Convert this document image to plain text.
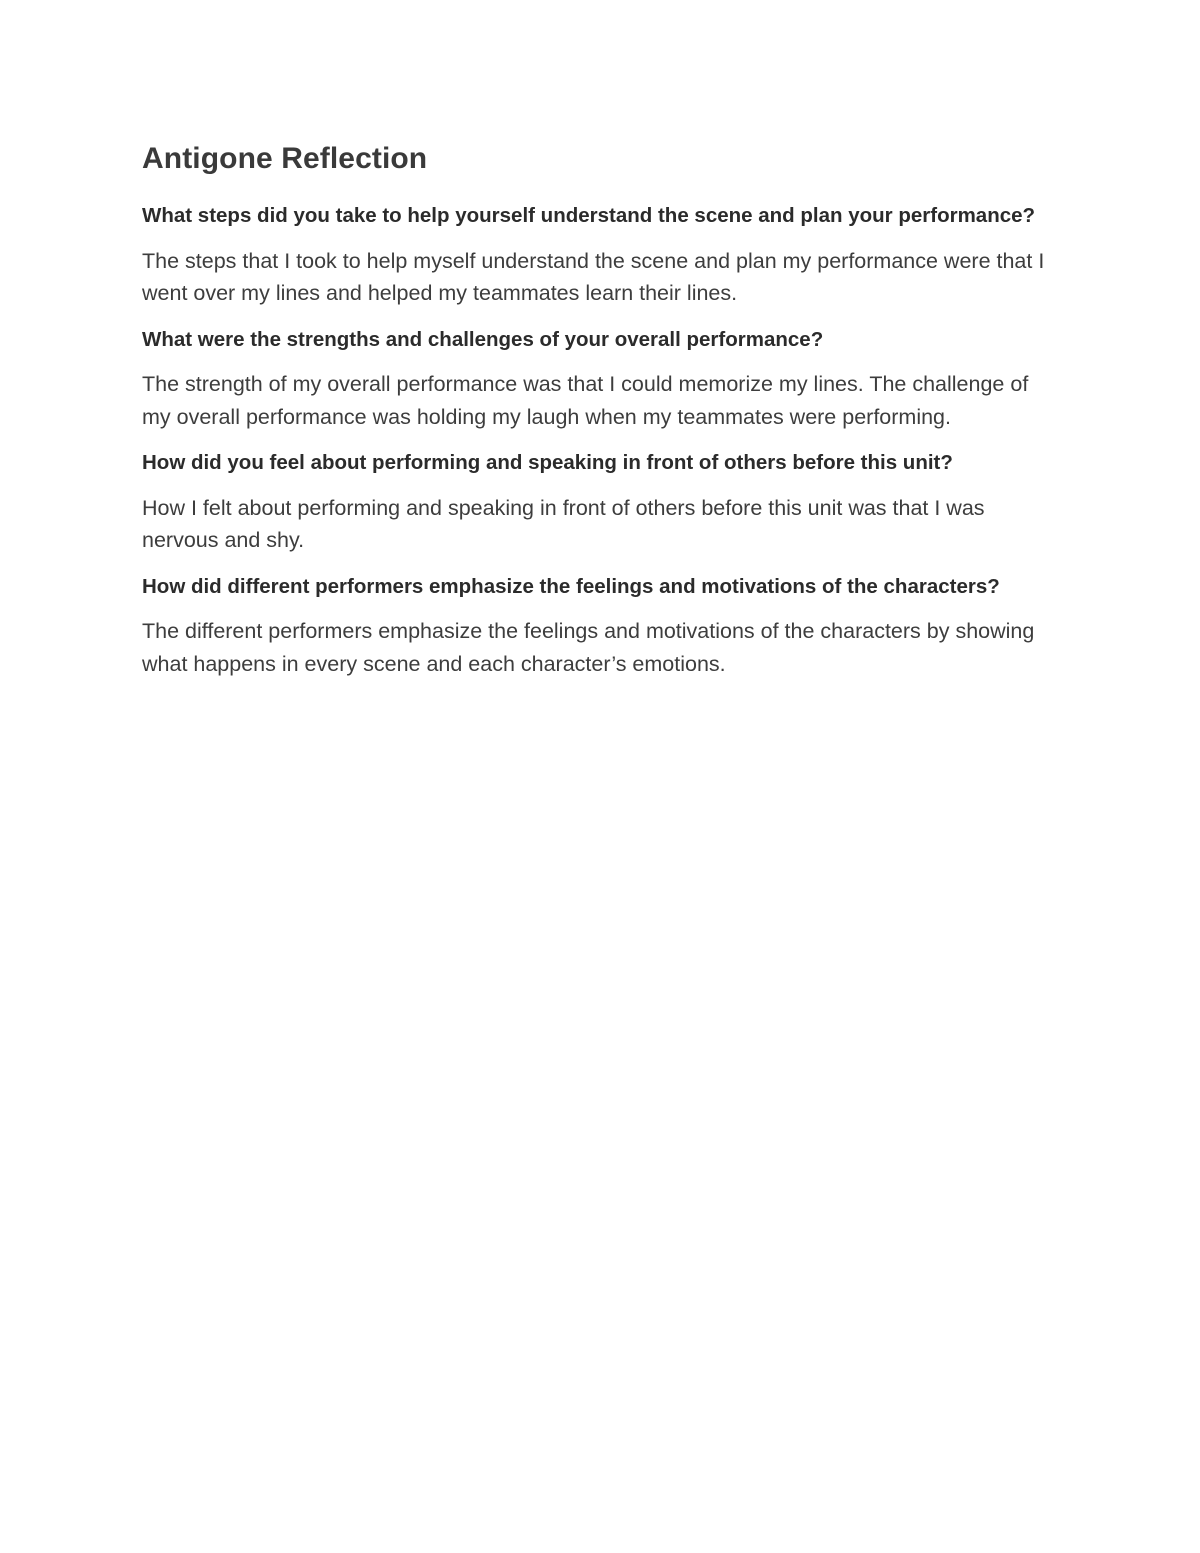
Antigone Reflection

What steps did you take to help yourself understand the scene and plan your performance?

The steps that I took to help myself understand the scene and plan my performance were that I went over my lines and helped my teammates learn their lines.

What were the strengths and challenges of your overall performance?

The strength of my overall performance was that I could memorize my lines. The challenge of my overall performance was holding my laugh when my teammates were performing.

How did you feel about performing and speaking in front of others before this unit?

How I felt about performing and speaking in front of others before this unit was that I was nervous and shy.

How did different performers emphasize the feelings and motivations of the characters?

The different performers emphasize the feelings and motivations of the characters by showing what happens in every scene and each character’s emotions.
